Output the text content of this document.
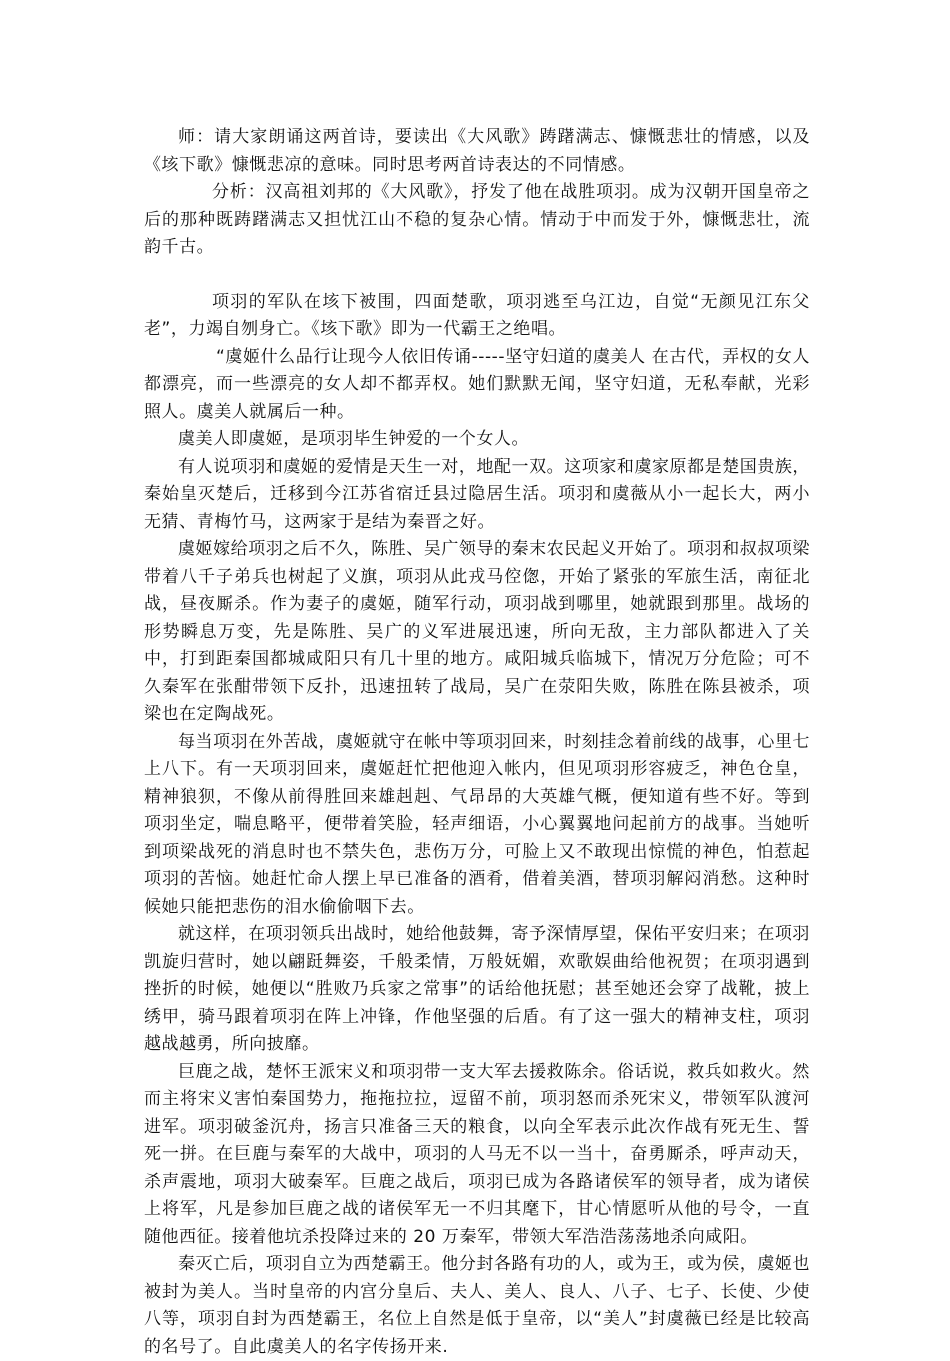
师：请大家朗诵这两首诗，要读出《大风歌》踌躇满志、慷慨悲壮的情感，以及《垓下歌》慷慨悲凉的意味。同时思考两首诗表达的不同情感。

分析：汉高祖刘邦的《大风歌》，抒发了他在战胜项羽。成为汉朝开国皇帝之后的那种既踌躇满志又担忧江山不稳的复杂心情。情动于中而发于外，慷慨悲壮，流韵千古。

项羽的军队在垓下被围，四面楚歌，项羽逃至乌江边，自觉“无颜见江东父老”，力竭自刎身亡。《垓下歌》即为一代霸王之绝唱。

“虞姬什么品行让现今人依旧传诵-----坚守妇道的虞美人 在古代，弄权的女人都漂亮，而一些漂亮的女人却不都弄权。她们默默无闻，坚守妇道，无私奉献，光彩照人。虞美人就属后一种。

虞美人即虞姬，是项羽毕生钟爱的一个女人。

有人说项羽和虞姬的爱情是天生一对，地配一双。这项家和虞家原都是楚国贵族，秦始皇灭楚后，迁移到今江苏省宿迁县过隐居生活。项羽和虞薇从小一起长大，两小无猜、青梅竹马，这两家于是结为秦晋之好。

虞姬嫁给项羽之后不久，陈胜、吴广领导的秦末农民起义开始了。项羽和叔叔项梁带着八千子弟兵也树起了义旗，项羽从此戎马倥偬，开始了紧张的军旅生活，南征北战，昼夜厮杀。作为妻子的虞姬，随军行动，项羽战到哪里，她就跟到那里。战场的形势瞬息万变，先是陈胜、吴广的义军进展迅速，所向无敌，主力部队都进入了关中，打到距秦国都城咸阳只有几十里的地方。咸阳城兵临城下，情况万分危险；可不久秦军在张酣带领下反扑，迅速扭转了战局，吴广在荥阳失败，陈胜在陈县被杀，项梁也在定陶战死。

每当项羽在外苦战，虞姬就守在帐中等项羽回来，时刻挂念着前线的战事，心里七上八下。有一天项羽回来，虞姬赶忙把他迎入帐内，但见项羽形容疲乏，神色仓皇，精神狼狈，不像从前得胜回来雄赳赳、气昂昂的大英雄气概，便知道有些不好。等到项羽坐定，喘息略平，便带着笑脸，轻声细语，小心翼翼地问起前方的战事。当她听到项梁战死的消息时也不禁失色，悲伤万分，可脸上又不敢现出惊慌的神色，怕惹起项羽的苦恼。她赶忙命人摆上早已准备的酒肴，借着美酒，替项羽解闷消愁。这种时候她只能把悲伤的泪水偷偷咽下去。

就这样，在项羽领兵出战时，她给他鼓舞，寄予深情厚望，保佑平安归来；在项羽凯旋归营时，她以翩跹舞姿，千般柔情，万般妩媚，欢歌娱曲给他祝贺；在项羽遇到挫折的时候，她便以“胜败乃兵家之常事”的话给他抚慰；甚至她还会穿了战靴，披上绣甲，骑马跟着项羽在阵上冲锋，作他坚强的后盾。有了这一强大的精神支柱，项羽越战越勇，所向披靡。

巨鹿之战，楚怀王派宋义和项羽带一支大军去援救陈余。俗话说，救兵如救火。然而主将宋义害怕秦国势力，拖拖拉拉，逗留不前，项羽怒而杀死宋义，带领军队渡河进军。项羽破釜沉舟，扬言只准备三天的粮食，以向全军表示此次作战有死无生、誓死一拼。在巨鹿与秦军的大战中，项羽的人马无不以一当十，奋勇厮杀，呼声动天，杀声震地，项羽大破秦军。巨鹿之战后，项羽已成为各路诸侯军的领导者，成为诸侯上将军，凡是参加巨鹿之战的诸侯军无一不归其麾下，甘心情愿听从他的号令，一直随他西征。接着他坑杀投降过来的 20 万秦军，带领大军浩浩荡荡地杀向咸阳。

秦灭亡后，项羽自立为西楚霸王。他分封各路有功的人，或为王，或为侯，虞姬也被封为美人。当时皇帝的内宫分皇后、夫人、美人、良人、八子、七子、长使、少使八等，项羽自封为西楚霸王，名位上自然是低于皇帝，以“美人”封虞薇已经是比较高的名号了。自此虞美人的名字传扬开来.
